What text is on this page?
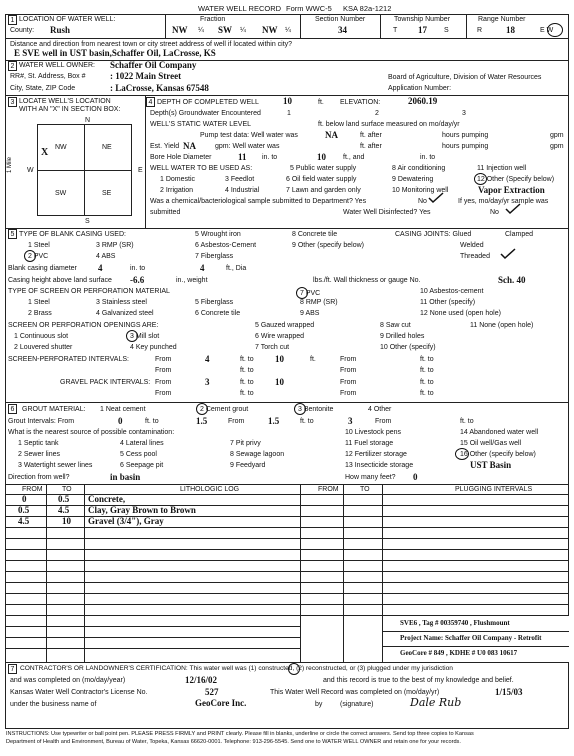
WATER WELL RECORD Form WWC-5 KSA 82a-1212
1 LOCATION OF WATER WELL:
County: Rush
Fraction
NW ¼ SW ¼ NW ¼
Section Number
34
Township Number
T 17 S
Range Number
R	18	E W
Distance and direction from nearest town or city street address of well if located within city?
E SVE well in UST basin,Schaffer Oil, LaCrosse, KS
2 WATER WELL OWNER: Schaffer Oil Company
RR#, St. Address, Box #	: 1022 Main Street
City, State, ZIP Code	: LaCrosse, Kansas 67548
Board of Agriculture, Division of Water Resources
Application Number:
3 LOCATE WELL'S LOCATION
WITH AN "X" IN SECTION BOX:
N
S
W	E
1 Mile
NW	NE
SW	SE
X
4 DEPTH OF COMPLETED WELL	10	ft. ELEVATION:	2060.19
Depth(s) Groundwater Encountered	1	2	3
WELL'S STATIC WATER LEVEL	ft. below land surface measured on mo/day/yr
Pump test data: Well water was	NA	ft. after	hours pumping	gpm
Est. Yield NA	gpm: Well water was	ft. after	hours pumping	gpm
Bore Hole Diameter	11 in. to	10 ft., and	in. to
WELL WATER TO BE USED AS:	5 Public water supply	8 Air conditioning	11 Injection well
1 Domestic	3 Feedlot	6 Oil field water supply	9 Dewatering	12 Other (Specify below)
2 Irrigation	4 Industrial	7 Lawn and garden only	10 Monitoring well	Vapor Extraction
Was a chemical/bacteriological sample submitted to Department? Yes	No	If yes, mo/day/yr sample was
submitted	Water Well Disinfected? Yes	No
5 TYPE OF BLANK CASING USED:	5 Wrought iron	8 Concrete tile
1 Steel	3 RMP (SR)	6 Asbestos-Cement	9 Other (specify below)
2 PVC	4 ABS	7 Fiberglass
CASING JOINTS: Glued	Clamped
Welded
Threaded
Blank casing diameter 4	in. to	4	ft., Dia
Casing height above land surface -6.6	in., weight	lbs./ft. Wall thickness or gauge No.	Sch. 40
TYPE OF SCREEN OR PERFORATION MATERIAL
1 Steel	3 Stainless steel	5 Fiberglass
7 PVC	10 Asbestos-cement
8 RMP (SR)	11 Other (specify)
2 Brass	4 Galvanized steel	6 Concrete tile	9 ABS	12 None used (open hole)
SCREEN OR PERFORATION OPENINGS ARE:	5 Gauzed wrapped	8 Saw cut	11 None (open hole)
1 Continuous slot	3 Mill slot	6 Wire wrapped	9 Drilled holes
2 Louvered shutter	4 Key punched	7 Torch cut	10 Other (specify)
SCREEN-PERFORATED INTERVALS:	From	4	ft. to 10	ft.	From	ft. to
From	ft. to	From	ft. to
GRAVEL PACK INTERVALS: From	3	ft. to 10	From	ft. to
From	ft. to	From	ft. to
6	GROUT MATERIAL: 1 Neat cement	2 Cement grout	3 Bentonite	4 Other
Grout Intervals: From	0	ft. to	1.5	From	1.5	ft. to	3	From	ft. to
What is the nearest source of possible contamination:	10 Livestock pens	14 Abandoned water well
1 Septic tank	4 Lateral lines	7 Pit privy	11 Fuel storage	15 Oil well/Gas well
2 Sewer lines	5 Cess pool	8 Sewage lagoon	12 Fertilizer storage	16 Other (specify below)
3 Watertight sewer lines	6 Seepage pit	9 Feedyard	13 Insecticide storage	UST Basin
Direction from well?	in basin	How many feet? 0
FROM	TO	LITHOLOGIC LOG	FROM	TO	PLUGGING INTERVALS
0	0.5 Concrete,
0.5	4.5 Clay, Gray Brown to Brown
4.5	10 Gravel (3/4"), Gray
SVE6 , Tag # 00359740 , Flushmount
Project Name: Schaffer Oil Company - Retrofit
GeoCore # 849 , KDHE # U0 083 10617
7 CONTRACTOR'S OR LANDOWNER'S CERTIFICATION: This water well was (1) constructed, (2) reconstructed, or (3) plugged under my jurisdiction
and was completed on (mo/day/year)	12/16/02	and this record is true to the best of my knowledge and belief.
Kansas Water Well Contractor's License No.	527	This Water Well Record was completed on (mo/day/yr)	1/15/03
under the business name of	GeoCore Inc.	by	(signature)	Dale Rub
INSTRUCTIONS: Use typewriter or ball point pen. PLEASE PRESS FIRMLY and PRINT clearly. Please fill in blanks, underline or circle the correct answers. Send top three copies to Kansas
Department of Health and Environment, Bureau of Water, Topeka, Kansas 66620-0001. Telephone: 913-296-5545. Send one to WATER WELL OWNER and retain one for your records.
